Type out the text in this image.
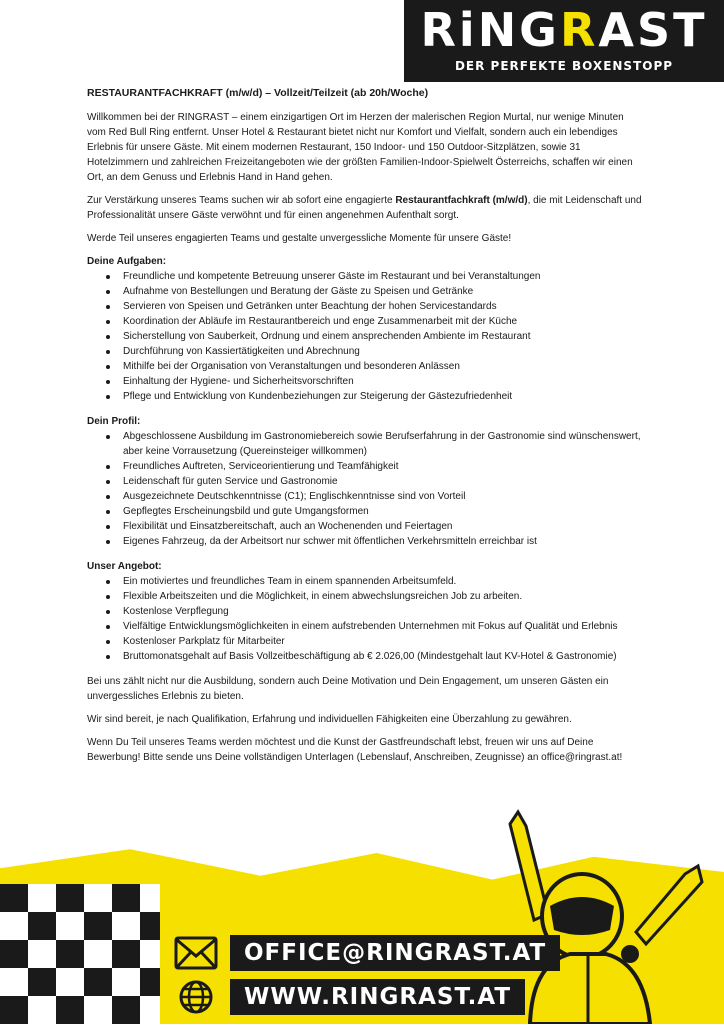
RiNGRAST
DER PERFEKTE BOXENSTOPP
RESTAURANTFACHKRAFT (m/w/d) – Vollzeit/Teilzeit (ab 20h/Woche)

Willkommen bei der RINGRAST – einem einzigartigen Ort im Herzen der malerischen Region Murtal, nur wenige Minuten vom Red Bull Ring entfernt. Unser Hotel & Restaurant bietet nicht nur Komfort und Vielfalt, sondern auch ein lebendiges Erlebnis für unsere Gäste. Mit einem modernen Restaurant, 150 Indoor- und 150 Outdoor-Sitzplätzen, sowie 31 Hotelzimmern und zahlreichen Freizeitangeboten wie der größten Familien-Indoor-Spielwelt Österreichs, schaffen wir einen Ort, an dem Genuss und Erlebnis Hand in Hand gehen.

Zur Verstärkung unseres Teams suchen wir ab sofort eine engagierte Restaurantfachkraft (m/w/d), die mit Leidenschaft und Professionalität unsere Gäste verwöhnt und für einen angenehmen Aufenthalt sorgt.

Werde Teil unseres engagierten Teams und gestalte unvergessliche Momente für unsere Gäste!

Deine Aufgaben:
Freundliche und kompetente Betreuung unserer Gäste im Restaurant und bei Veranstaltungen
Aufnahme von Bestellungen und Beratung der Gäste zu Speisen und Getränke
Servieren von Speisen und Getränken unter Beachtung der hohen Servicestandards
Koordination der Abläufe im Restaurantbereich und enge Zusammenarbeit mit der Küche
Sicherstellung von Sauberkeit, Ordnung und einem ansprechenden Ambiente im Restaurant
Durchführung von Kassiertätigkeiten und Abrechnung
Mithilfe bei der Organisation von Veranstaltungen und besonderen Anlässen
Einhaltung der Hygiene- und Sicherheitsvorschriften
Pflege und Entwicklung von Kundenbeziehungen zur Steigerung der Gästezufriedenheit
Dein Profil:
Abgeschlossene Ausbildung im Gastronomiebereich sowie Berufserfahrung in der Gastronomie sind wünschenswert, aber keine Vorrausetzung (Quereinsteiger willkommen)
Freundliches Auftreten, Serviceorientierung und Teamfähigkeit
Leidenschaft für guten Service und Gastronomie
Ausgezeichnete Deutschkenntnisse (C1); Englischkenntnisse sind von Vorteil
Gepflegtes Erscheinungsbild und gute Umgangsformen
Flexibilität und Einsatzbereitschaft, auch an Wochenenden und Feiertagen
Eigenes Fahrzeug, da der Arbeitsort nur schwer mit öffentlichen Verkehrsmitteln erreichbar ist
Unser Angebot:
Ein motiviertes und freundliches Team in einem spannenden Arbeitsumfeld.
Flexible Arbeitszeiten und die Möglichkeit, in einem abwechslungsreichen Job zu arbeiten.
Kostenlose Verpflegung
Vielfältige Entwicklungsmöglichkeiten in einem aufstrebenden Unternehmen mit Fokus auf Qualität und Erlebnis
Kostenloser Parkplatz für Mitarbeiter
Bruttomonatsgehalt auf Basis Vollzeitbeschäftigung ab € 2.026,00 (Mindestgehalt laut KV-Hotel & Gastronomie)

Bei uns zählt nicht nur die Ausbildung, sondern auch Deine Motivation und Dein Engagement, um unseren Gästen ein unvergessliches Erlebnis zu bieten.

Wir sind bereit, je nach Qualifikation, Erfahrung und individuellen Fähigkeiten eine Überzahlung zu gewähren.

Wenn Du Teil unseres Teams werden möchtest und die Kunst der Gastfreundschaft lebst, freuen wir uns auf Deine Bewerbung! Bitte sende uns Deine vollständigen Unterlagen (Lebenslauf, Anschreiben, Zeugnisse) an office@ringrast.at!

OFFICE@RINGRAST.AT
WWW.RINGRAST.AT
